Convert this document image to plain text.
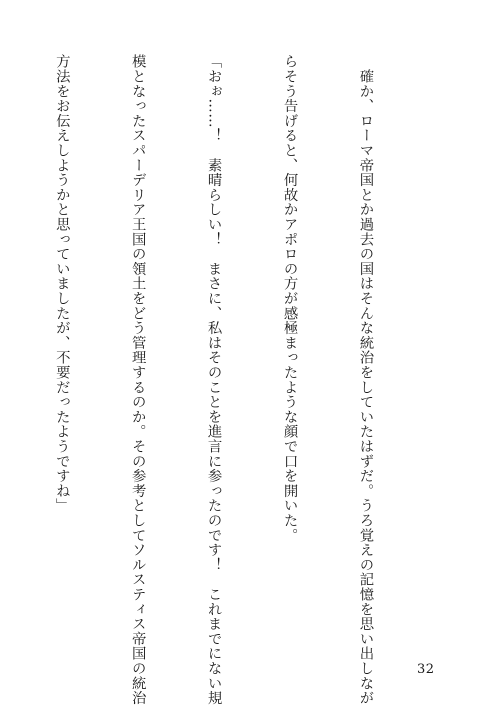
　確か、ローマ帝国とか過去の国はそんな統治をしていたはずだ。うろ覚えの記憶を思い出しなが

らそう告げると、何故かアポロの方が感極まったような顔で口を開いた。

「おぉ……！　素晴らしい！　まさに、私はそのことを進言に参ったのです！　これまでにない規

模となったスパーデリア王国の領土をどう管理するのか。その参考としてソルスティス帝国の統治

方法をお伝えしようかと思っていましたが、不要だったようですね」

32
